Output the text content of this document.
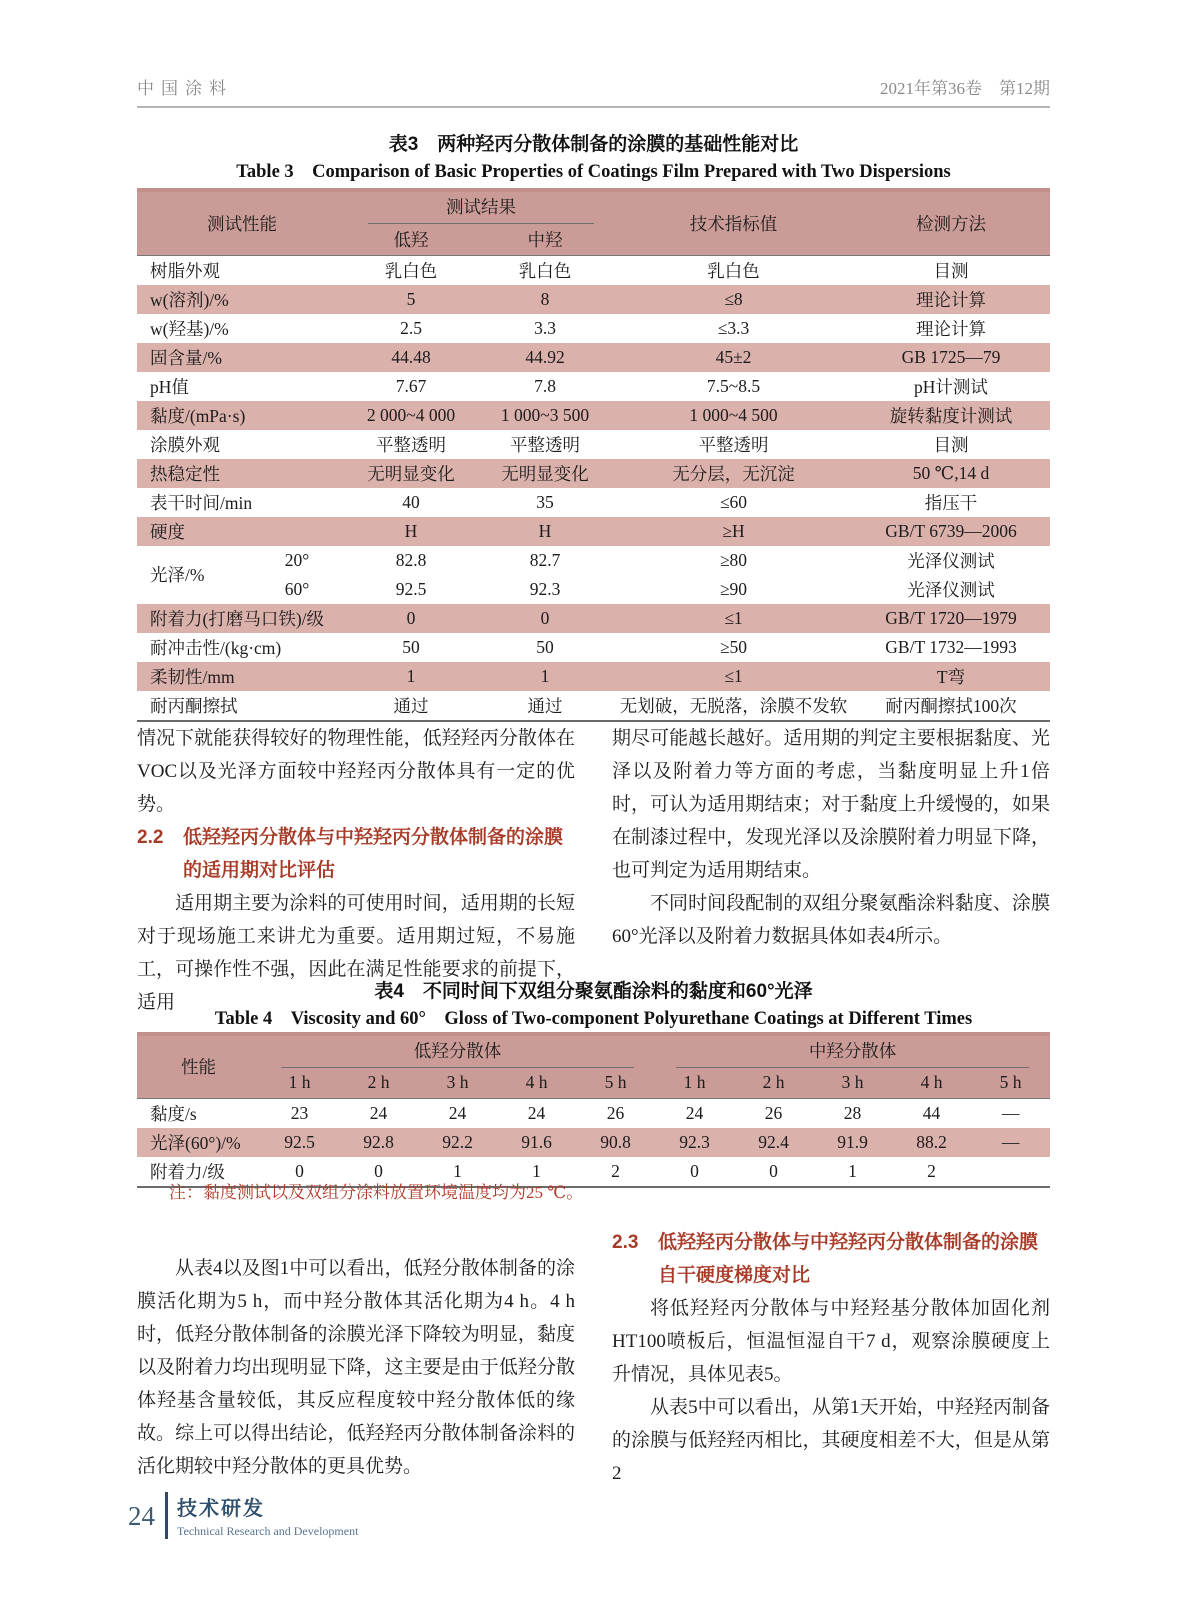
中国涂料	2021年第36卷　第12期
表3　两种羟丙分散体制备的涂膜的基础性能对比
Table 3　Comparison of Basic Properties of Coatings Film Prepared with Two Dispersions
测试性能		测试结果		技术指标值	检测方法
		低羟	中羟		
树脂外观		乳白色	乳白色	乳白色	目测
w(溶剂)/%		5	8	≤8	理论计算
w(羟基)/%		2.5	3.3	≤3.3	理论计算
固含量/%		44.48	44.92	45±2	GB 1725—79
pH值		7.67	7.8	7.5~8.5	pH计测试
黏度/(mPa·s)		2 000~4 000	1 000~3 500	1 000~4 500	旋转黏度计测试
涂膜外观		平整透明	平整透明	平整透明	目测
热稳定性		无明显变化	无明显变化	无分层，无沉淀	50 ℃,14 d
表干时间/min		40	35	≤60	指压干
硬度		H	H	≥H	GB/T 6739—2006
光泽/%	20°	82.8	82.7	≥80	光泽仪测试
	60°	92.5	92.3	≥90	光泽仪测试
附着力(打磨马口铁)/级		0	0	≤1	GB/T 1720—1979
耐冲击性/(kg·cm)		50	50	≥50	GB/T 1732—1993
柔韧性/mm		1	1	≤1	T弯
耐丙酮擦拭		通过	通过	无划破，无脱落，涂膜不发软	耐丙酮擦拭100次

情况下就能获得较好的物理性能，低羟羟丙分散体在VOC以及光泽方面较中羟羟丙分散体具有一定的优势。

2.2	低羟羟丙分散体与中羟羟丙分散体制备的涂膜的适用期对比评估

适用期主要为涂料的可使用时间，适用期的长短对于现场施工来讲尤为重要。适用期过短，不易施工，可操作性不强，因此在满足性能要求的前提下，适用

期尽可能越长越好。适用期的判定主要根据黏度、光泽以及附着力等方面的考虑，当黏度明显上升1倍时，可认为适用期结束；对于黏度上升缓慢的，如果在制漆过程中，发现光泽以及涂膜附着力明显下降，也可判定为适用期结束。

不同时间段配制的双组分聚氨酯涂料黏度、涂膜60°光泽以及附着力数据具体如表4所示。

表4　不同时间下双组分聚氨酯涂料的黏度和60°光泽
Table 4　Viscosity and 60°　Gloss of Two-component Polyurethane Coatings at Different Times
性能	低羟分散体					中羟分散体				

	1 h	2 h	3 h	4 h	5 h	1 h	2 h	3 h	4 h	5 h
黏度/s	23	24	24	24	26	24	26	28	44	—
光泽(60°)/%	92.5	92.8	92.2	91.6	90.8	92.3	92.4	91.9	88.2	—
附着力/级	0	0	1	1	2	0	0	1	2	
注：黏度测试以及双组分涂料放置环境温度均为25 ℃。

从表4以及图1中可以看出，低羟分散体制备的涂膜活化期为5 h，而中羟分散体其活化期为4 h。4 h时，低羟分散体制备的涂膜光泽下降较为明显，黏度以及附着力均出现明显下降，这主要是由于低羟分散体羟基含量较低，其反应程度较中羟分散体低的缘故。综上可以得出结论，低羟羟丙分散体制备涂料的活化期较中羟分散体的更具优势。

2.3	低羟羟丙分散体与中羟羟丙分散体制备的涂膜自干硬度梯度对比

将低羟羟丙分散体与中羟羟基分散体加固化剂HT100喷板后，恒温恒湿自干7 d，观察涂膜硬度上升情况，具体见表5。

从表5中可以看出，从第1天开始，中羟羟丙制备的涂膜与低羟羟丙相比，其硬度相差不大，但是从第2

24 技术研发
Technical Research and Development
